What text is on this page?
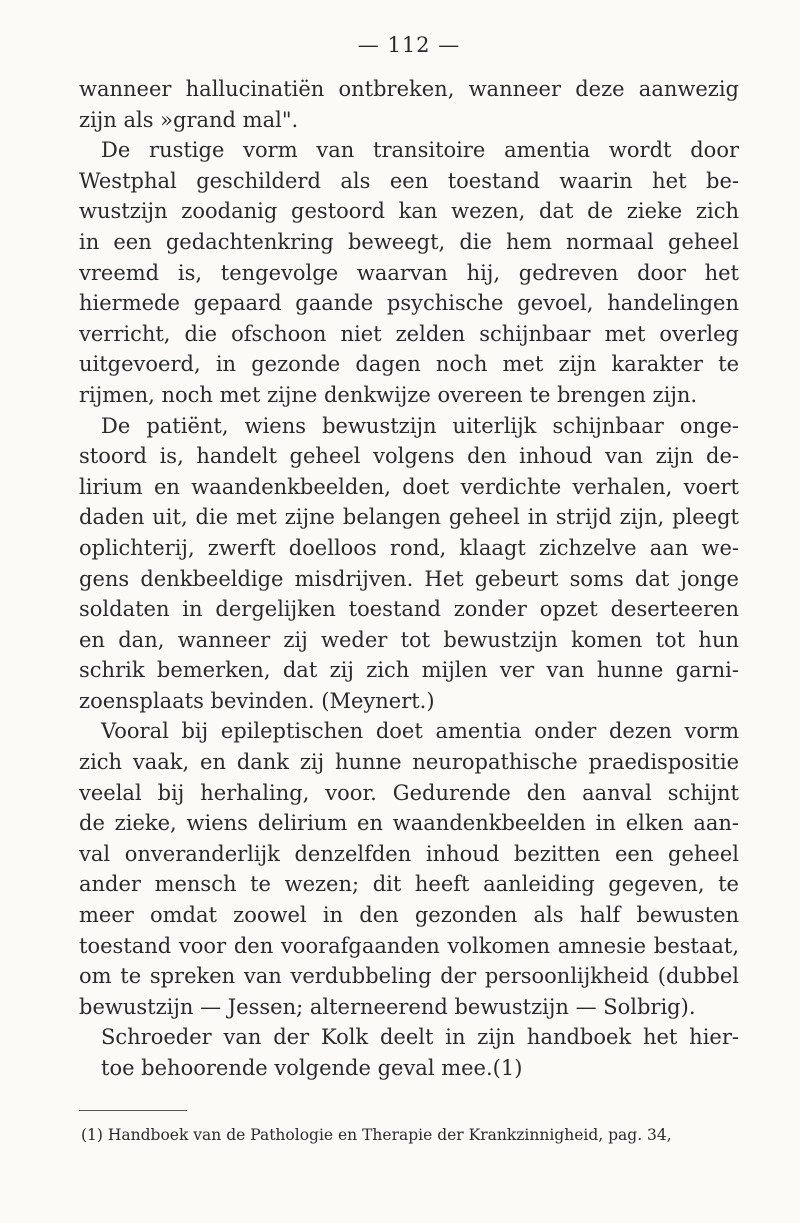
— 112 —
wanneer hallucinatiën ontbreken, wanneer deze aanwezig
zijn als »grand mal".
De rustige vorm van transitoire amentia wordt door
Westphal geschilderd als een toestand waarin het be-
wustzijn zoodanig gestoord kan wezen, dat de zieke zich
in een gedachtenkring beweegt, die hem normaal geheel
vreemd is, tengevolge waarvan hij, gedreven door het
hiermede gepaard gaande psychische gevoel, handelingen
verricht, die ofschoon niet zelden schijnbaar met overleg
uitgevoerd, in gezonde dagen noch met zijn karakter te
rijmen, noch met zijne denkwijze overeen te brengen zijn.
De patiënt, wiens bewustzijn uiterlijk schijnbaar onge-
stoord is, handelt geheel volgens den inhoud van zijn de-
lirium en waandenkbeelden, doet verdichte verhalen, voert
daden uit, die met zijne belangen geheel in strijd zijn, pleegt
oplichterij, zwerft doelloos rond, klaagt zichzelve aan we-
gens denkbeeldige misdrijven. Het gebeurt soms dat jonge
soldaten in dergelijken toestand zonder opzet deserteeren
en dan, wanneer zij weder tot bewustzijn komen tot hun
schrik bemerken, dat zij zich mijlen ver van hunne garni-
zoensplaats bevinden. (Meynert.)
Vooral bij epileptischen doet amentia onder dezen vorm
zich vaak, en dank zij hunne neuropathische praedispositie
veelal bij herhaling, voor. Gedurende den aanval schijnt
de zieke, wiens delirium en waandenkbeelden in elken aan-
val onveranderlijk denzelfden inhoud bezitten een geheel
ander mensch te wezen; dit heeft aanleiding gegeven, te
meer omdat zoowel in den gezonden als half bewusten
toestand voor den voorafgaanden volkomen amnesie bestaat,
om te spreken van verdubbeling der persoonlijkheid (dubbel
bewustzijn — Jessen; alterneerend bewustzijn — Solbrig).
Schroeder van der Kolk deelt in zijn handboek het hier-
toe behoorende volgende geval mee.(1)
(1) Handboek van de Pathologie en Therapie der Krankzinnigheid, pag. 34,
